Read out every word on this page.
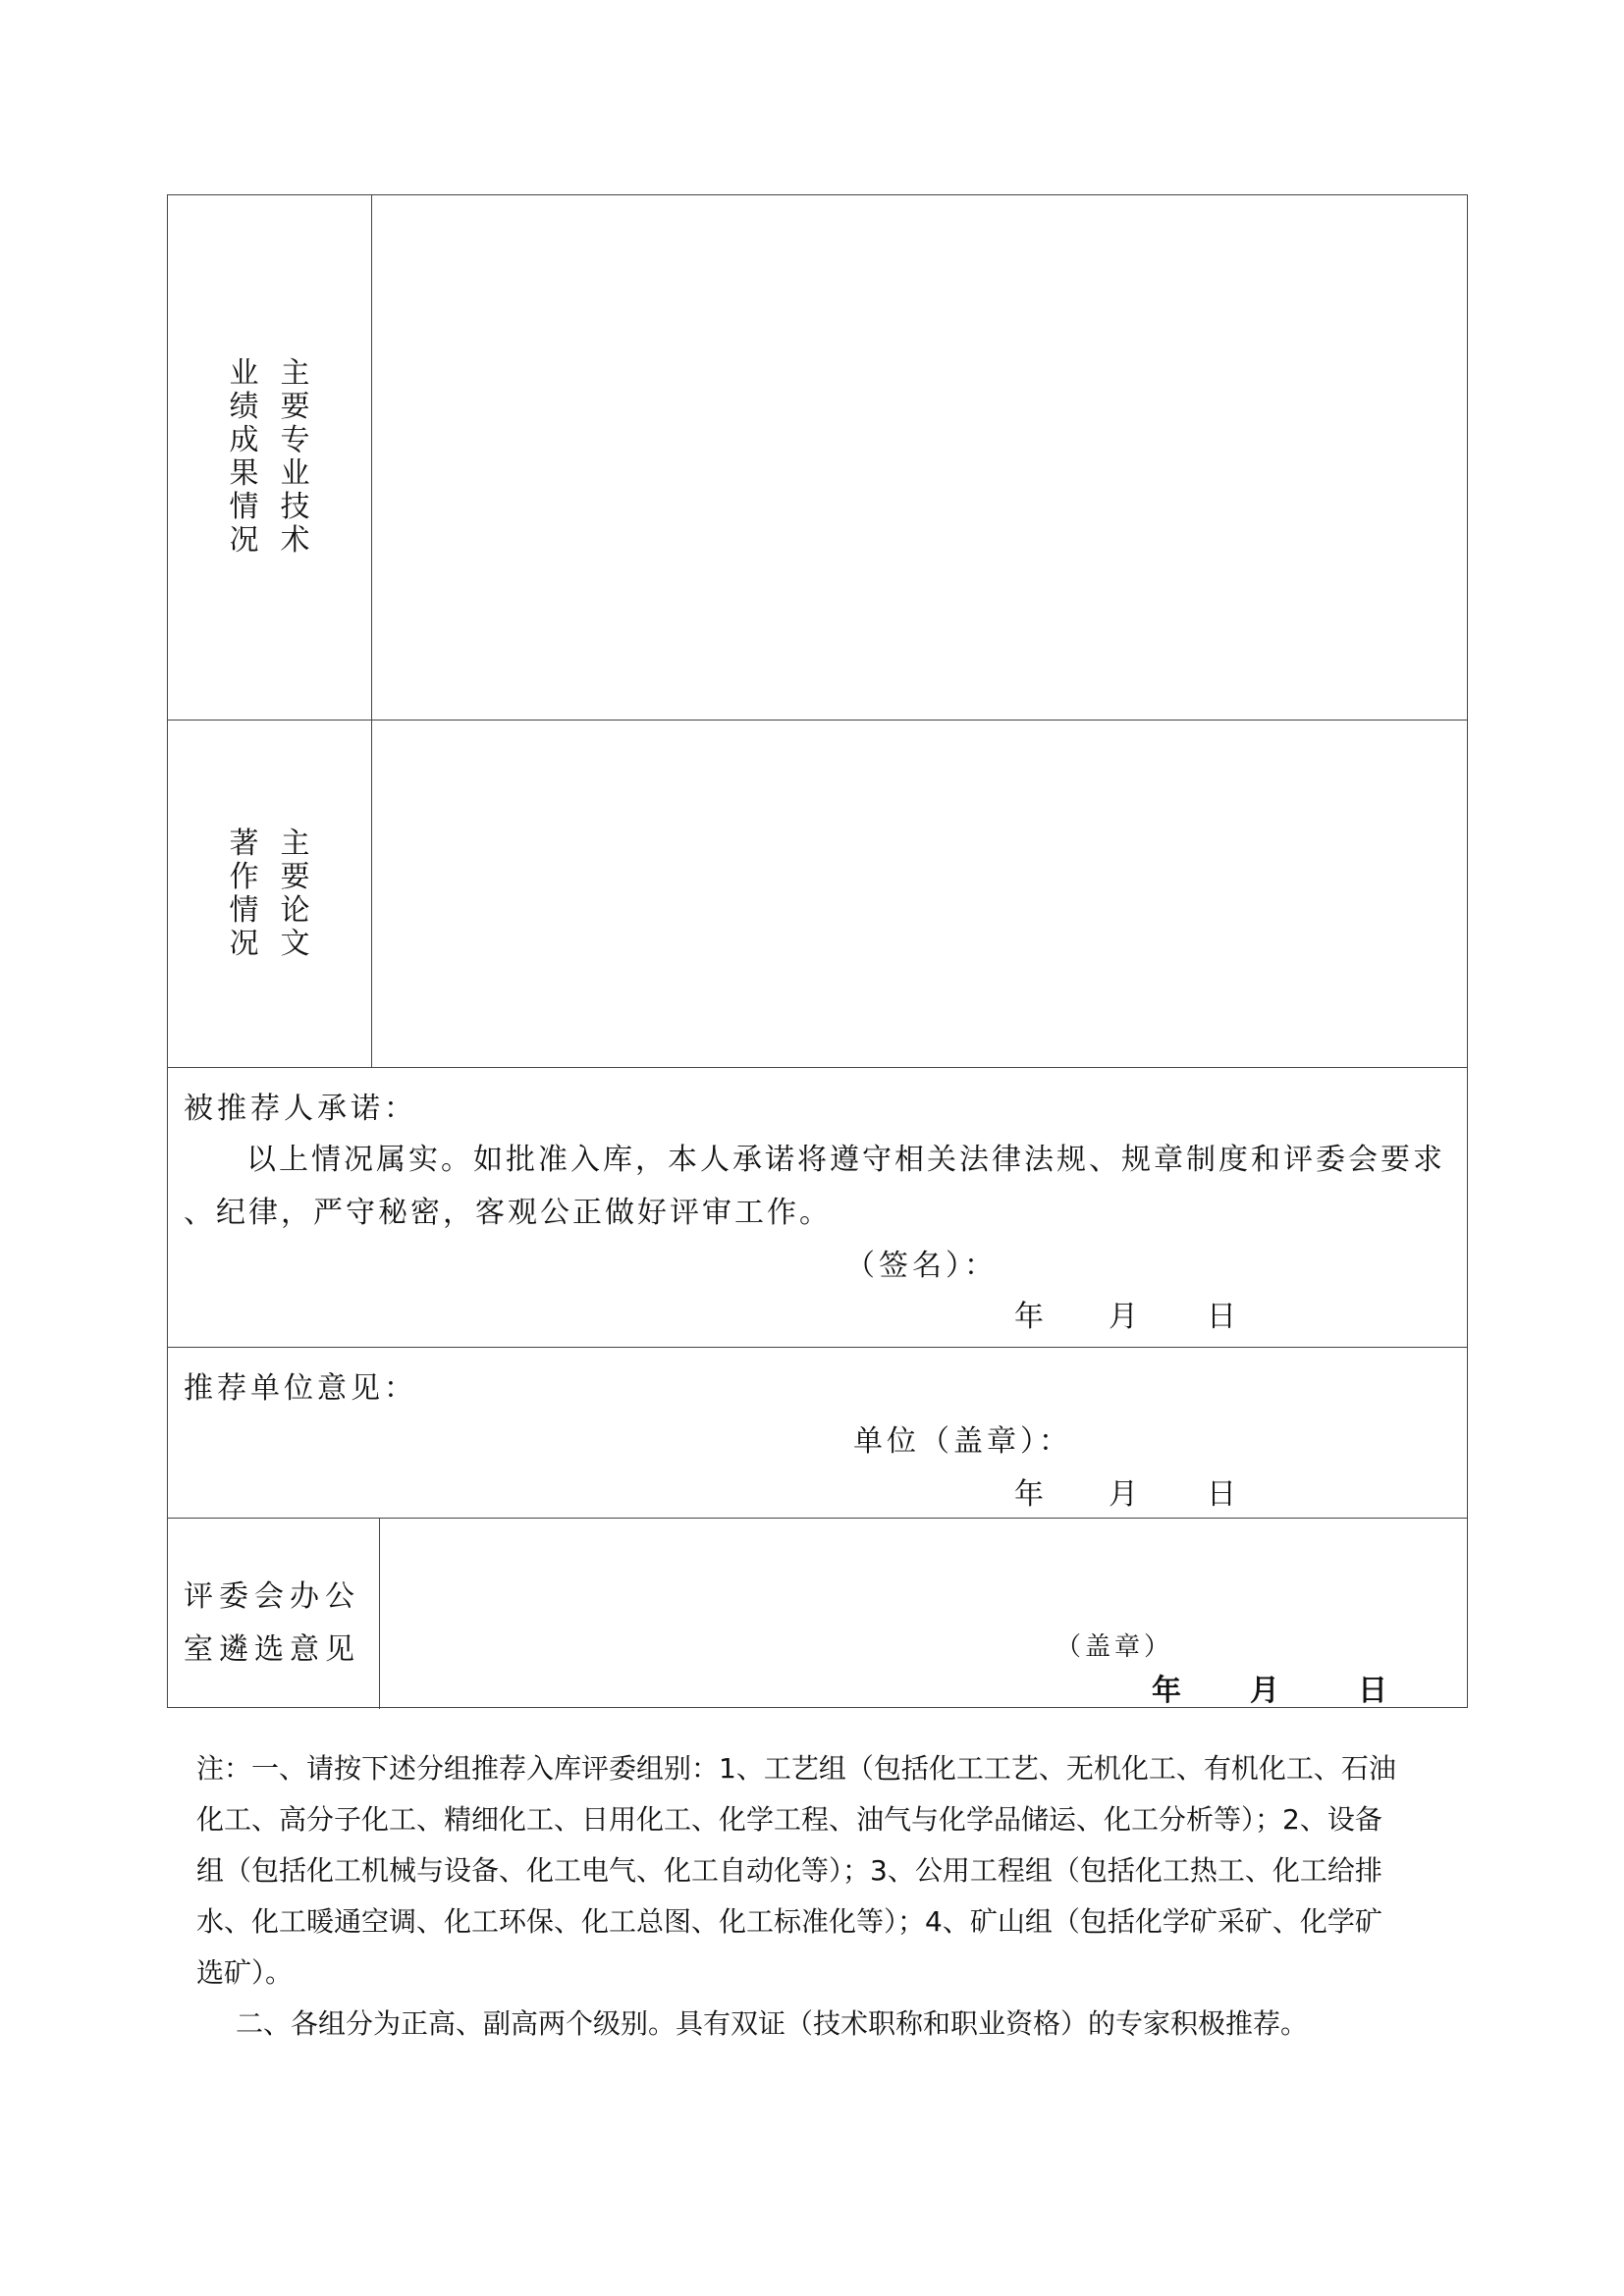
主
要
专
业
技
术
业
绩
成
果
情
况
主
要
论
文
著
作
情
况
被推荐人承诺：
以上情况属实。如批准入库，本人承诺将遵守相关法律法规、规章制度和评委会要求
、纪律，严守秘密，客观公正做好评审工作。
（签名）：
年 月 日
推荐单位意见：
单位（盖章）：
年 月 日
评委会办公
室遴选意见	（盖章）
年 月	日

注：一、请按下述分组推荐入库评委组别：1、工艺组（包括化工工艺、无机化工、有机化工、石油

化工、高分子化工、精细化工、日用化工、化学工程、油气与化学品储运、化工分析等）；2、设备

组（包括化工机械与设备、化工电气、化工自动化等）；3、公用工程组（包括化工热工、化工给排

水、化工暖通空调、化工环保、化工总图、化工标准化等）；4、矿山组（包括化学矿采矿、化学矿

选矿）。

二、各组分为正高、副高两个级别。具有双证（技术职称和职业资格）的专家积极推荐。
